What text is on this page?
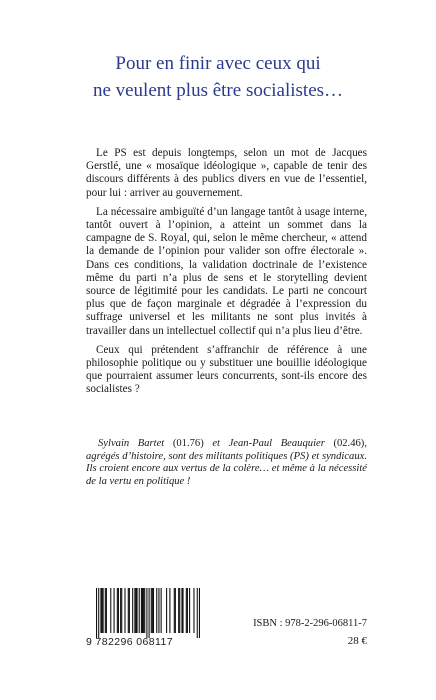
Pour en finir avec ceux qui
ne veulent plus être socialistes…

Le PS est depuis longtemps, selon un mot de Jacques Gerstlé, une « mosaïque idéologique », capable de tenir des discours différents à des publics divers en vue de l’essentiel, pour lui : arriver au gouvernement.

La nécessaire ambiguïté d’un langage tantôt à usage interne, tantôt ouvert à l’opinion, a atteint un sommet dans la campagne de S. Royal, qui, selon le même chercheur, « attend la demande de l’opinion pour valider son offre électorale ». Dans ces conditions, la validation doctrinale de l’existence même du parti n’a plus de sens et le storytelling devient source de légitimité pour les candidats. Le parti ne concourt plus que de façon marginale et dégradée à l’expression du suffrage universel et les militants ne sont plus invités à travailler dans un intellectuel collectif qui n’a plus lieu d’être.

Ceux qui prétendent s’affranchir de référence à une philosophie politique ou y substituer une bouillie idéologique que pourraient assumer leurs concurrents, sont-ils encore des socialistes ?

Sylvain Bartet (01.76) et Jean-Paul Beauquier (02.46), agrégés d’histoire, sont des militants politiques (PS) et syndicaux. Ils croient encore aux vertus de la colère… et même à la nécessité de la vertu en politique !
9 782296 068117
ISBN : 978-2-296-06811-7
28 €
